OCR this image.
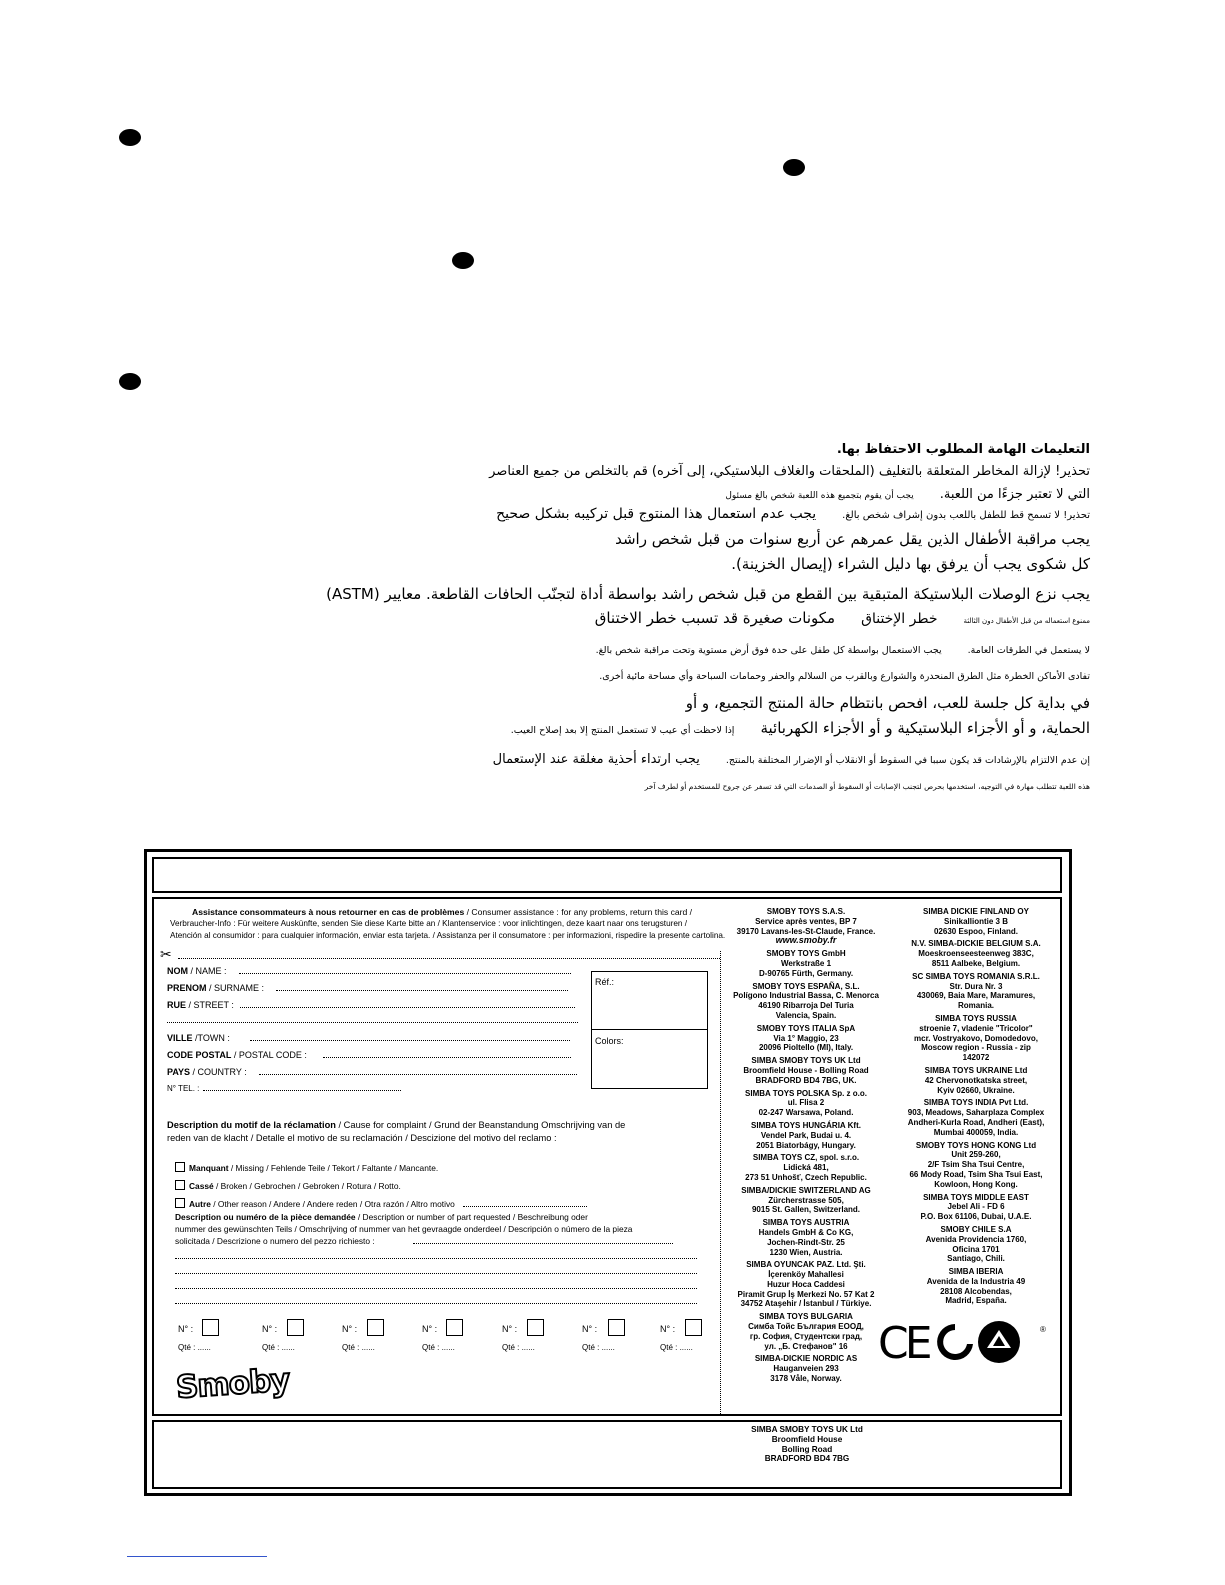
التعليمات الهامة المطلوب الاحتفاظ بها.
تحذير! لإزالة المخاطر المتعلقة بالتغليف (الملحقات والغلاف البلاستيكي، إلى آخره) قم بالتخلص من جميع العناصر
التي لا تعتبر جزءًا من اللعبة.يجب أن يقوم بتجميع هذه اللعبة شخص بالغ مسئول
تحذير! لا تسمح قط للطفل باللعب بدون إشراف شخص بالغ.يجب عدم استعمال هذا المنتوج قبل تركيبه بشكل صحيح
يجب مراقبة الأطفال الذين يقل عمرهم عن أربع سنوات من قبل شخص راشد
كل شكوى يجب أن يرفق بها دليل الشراء (إيصال الخزينة).
يجب نزع الوصلات البلاستيكة المتبقية بين القطع من قبل شخص راشد بواسطة أداة لتجنّب الحافات القاطعة. معايير (ASTM)
ممنوع استعماله من قبل الأطفال دون الثالثةخطر الإختناقمكونات صغيرة قد تسبب خطر الاختناق
لا يستعمل في الطرقات العامة.يجب الاستعمال بواسطة كل طفل على حدة فوق أرض مستوية وتحت مراقبة شخص بالغ.
تفادى الأماكن الخطرة مثل الطرق المنحدرة والشوارع وبالقرب من السلالم والحفر وحمامات السباحة وأي مساحة مائية أخرى.
في بداية كل جلسة للعب، افحص بانتظام حالة المنتج التجميع، و أو
الحماية، و أو الأجزاء البلاستيكية و أو الأجزاء الكهربائيةإذا لاحظت أي عيب لا تستعمل المنتج إلا بعد إصلاح العيب.
إن عدم الالتزام بالإرشادات قد يكون سببا في السقوط أو الانقلاب أو الإضرار المختلفة بالمنتج.يجب ارتداء أحذية مغلقة عند الإستعمال
هذه اللعبة تتطلب مهارة في التوجيه، استخدمها بحرص لتجنب الإصابات أو السقوط أو الصدمات التي قد تسفر عن جروح للمستخدم أو لطرف آخر
✂
Assistance consommateurs à nous retourner en cas de problèmes / Consumer assistance : for any problems, return this card /
Verbraucher-Info : Für weitere Auskünfte, senden Sie diese Karte bitte an / Klantenservice : voor inlichtingen, deze kaart naar ons terugsturen /
Atención al consumidor : para cualquier información, enviar esta tarjeta. / Assistanza per il consumatore : per informazioni, rispedire la presente cartolina.
NOM / NAME :
PRENOM / SURNAME :
RUE / STREET :
VILLE /TOWN :
CODE POSTAL / POSTAL CODE :
PAYS / COUNTRY :
N° TEL. :
Réf.:
Colors:
Description du motif de la réclamation / Cause for complaint / Grund der Beanstandung Omschrijving van de
reden van de klacht / Detalle el motivo de su reclamación / Descizione del motivo del reclamo :
Manquant / Missing / Fehlende Teile / Tekort / Faltante / Mancante.
Cassé / Broken / Gebrochen / Gebroken / Rotura / Rotto.
Autre / Other reason / Andere / Andere reden / Otra razón / Altro motivo
Description ou numéro de la pièce demandée / Description or number of part requested / Beschreibung oder
nummer des gewünschten Teils / Omschrijving of nummer van het gevraagde onderdeel / Descripción o número de la pieza
solicitada / Descrizione o numero del pezzo richiesto :
N° :
Qté : ......
N° :
Qté : ......
N° :
Qté : ......
N° :
Qté : ......
N° :
Qté : ......
N° :
Qté : ......
N° :
Qté : ......
Smoby
SMOBY TOYS S.A.S.
Service après ventes, BP 7
39170 Lavans-les-St-Claude, France.
www.smoby.fr
SMOBY TOYS GmbH
Werkstraße 1
D-90765 Fürth, Germany.
SMOBY TOYS ESPAÑA, S.L.
Polígono Industrial Bassa, C. Menorca
46190 Ribarroja Del Turia
Valencia, Spain.
SMOBY TOYS ITALIA SpA
Via 1° Maggio, 23
20096 Pioltello (MI), Italy.
SIMBA SMOBY TOYS UK Ltd
Broomfield House - Bolling Road
BRADFORD BD4 7BG, UK.
SIMBA TOYS POLSKA Sp. z o.o.
ul. Flisa 2
02-247 Warsawa, Poland.
SIMBA TOYS HUNGÁRIA Kft.
Vendel Park, Budai u. 4.
2051 Biatorbágy, Hungary.
SIMBA TOYS CZ, spol. s.r.o.
Lidická 481,
273 51 Unhošť, Czech Republic.
SIMBA/DICKIE SWITZERLAND AG
Zürcherstrasse 505,
9015 St. Gallen, Switzerland.
SIMBA TOYS AUSTRIA
Handels GmbH & Co KG,
Jochen-Rindt-Str. 25
1230 Wien, Austria.
SIMBA OYUNCAK PAZ. Ltd. Şti.
İçerenköy Mahallesi
Huzur Hoca Caddesi
Piramit Grup İş Merkezi No. 57 Kat 2
34752 Ataşehir / İstanbul / Türkiye.
SIMBA TOYS BULGARIA
Симба Тойс България ЕООД,
гр. София, Студентски град,
ул. „Б. Стефанов" 16
SIMBA-DICKIE NORDIC AS
Hauganveien 293
3178 Våle, Norway.
SIMBA DICKIE FINLAND OY
Sinikalliontie 3 B
02630 Espoo, Finland.
N.V. SIMBA-DICKIE BELGIUM S.A.
Moeskroenseesteenweg 383C,
8511 Aalbeke, Belgium.
SC SIMBA TOYS ROMANIA S.R.L.
Str. Dura Nr. 3
430069, Baia Mare, Maramures,
Romania.
SIMBA TOYS RUSSIA
stroenie 7, vladenie "Tricolor"
mcr. Vostryakovo, Domodedovo,
Moscow region - Russia - zip
142072
SIMBA TOYS UKRAINE Ltd
42 Chervonotkatska street,
Kyiv 02660, Ukraine.
SIMBA TOYS INDIA Pvt Ltd.
903, Meadows, Saharplaza Complex
Andheri-Kurla Road, Andheri (East),
Mumbai 400059, India.
SMOBY TOYS HONG KONG Ltd
Unit 259-260,
2/F Tsim Sha Tsui Centre,
66 Mody Road, Tsim Sha Tsui East,
Kowloon, Hong Kong.
SIMBA TOYS MIDDLE EAST
Jebel Ali - FD 6
P.O. Box 61106, Dubai, U.A.E.
SMOBY CHILE S.A
Avenida Providencia 1760,
Oficina 1701
Santiago, Chili.
SIMBA IBERIA
Avenida de la Industria 49
28108 Alcobendas,
Madrid, España.
CE	®
SIMBA SMOBY TOYS UK Ltd
Broomfield House
Bolling Road
BRADFORD BD4 7BG
